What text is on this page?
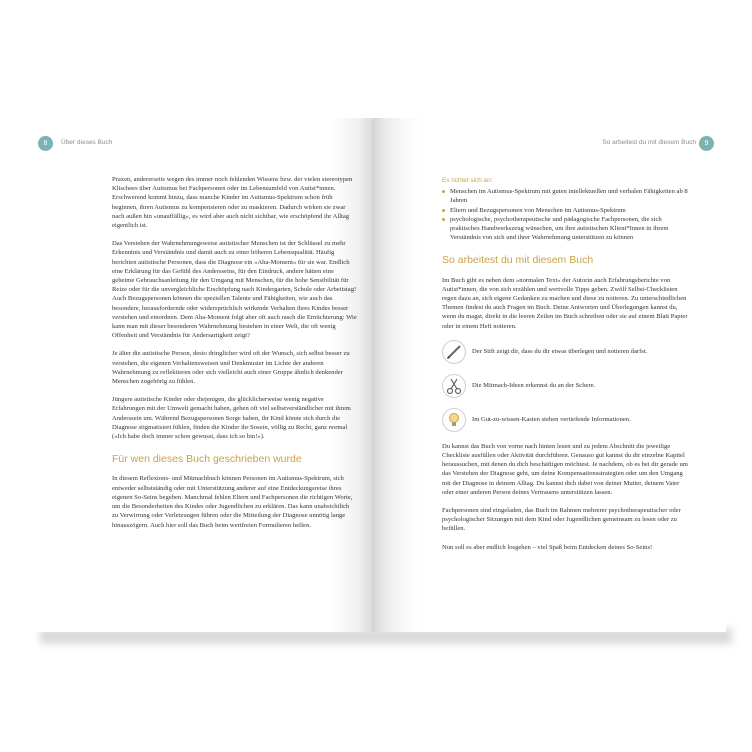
8	Über dieses Buch

Praxen, andererseits wegen des immer noch fehlenden Wissens bzw. der vielen stereotypen Klischees über Autismus bei Fachpersonen oder im Lebensumfeld von Autist*innen. Erschwerend kommt hinzu, dass manche Kinder im Autismus-Spektrum schon früh beginnen, ihren Autismus zu kompensieren oder zu maskieren. Dadurch wirken sie zwar nach außen hin »unauffällig«, es wird aber auch nicht sichtbar, wie erschöpfend ihr Alltag eigentlich ist.

Das Verstehen der Wahrnehmungsweise autistischer Menschen ist der Schlüssel zu mehr Erkenntnis und Verständnis und damit auch zu einer höheren Lebensqualität. Häufig berichten autistische Personen, dass die Diagnose ein »Aha-Moment« für sie war. Endlich eine Erklärung für das Gefühl des Andersseins, für den Eindruck, andere hätten eine geheime Gebrauchsanleitung für den Umgang mit Menschen, für die hohe Sensibilität für Reize oder für die unvergleichliche Erschöpfung nach Kindergarten, Schule oder Arbeitstag! Auch Bezugspersonen können die speziellen Talente und Fähigkeiten, wie auch das besondere, herausfordernde oder widersprüchlich wirkende Verhalten ihres Kindes besser verstehen und einordnen. Dem Aha-Moment folgt aber oft auch rasch die Ernüchterung: Wie kann man mit dieser besonderen Wahrnehmung bestehen in einer Welt, die oft wenig Offenheit und Verständnis für Andersartigkeit zeigt?

Je älter die autistische Person, desto dringlicher wird oft der Wunsch, sich selbst besser zu verstehen, die eigenen Verhaltensweisen und Denkmuster im Lichte der anderen Wahrnehmung zu reflektieren oder sich vielleicht auch einer Gruppe ähnlich denkender Menschen zugehörig zu fühlen.

Jüngere autistische Kinder oder diejenigen, die glücklicherweise wenig negative Erfahrungen mit der Umwelt gemacht haben, gehen oft viel selbstverständlicher mit ihrem Anderssein um. Während Bezugspersonen Sorge haben, ihr Kind könne sich durch die Diagnose stigmatisiert fühlen, finden die Kinder ihr Sosein, völlig zu Recht, ganz normal (»Ich habe doch immer schon gewusst, dass ich so bin!«).

Für wen dieses Buch geschrieben wurde

In diesem Reflexions- und Mitmachbuch können Personen im Autismus-Spektrum, sich entweder selbstständig oder mit Unterstützung anderer auf eine Entdeckungsreise ihres eigenen So-Seins begeben. Manchmal fehlen Eltern und Fachpersonen die richtigen Worte, um die Besonderheiten des Kindes oder Jugendlichen zu erklären. Das kann unabsichtlich zu Verwirrung oder Verletzungen führen oder die Mitteilung der Diagnose unnötig lange hinauszögern. Auch hier soll das Buch beim wertfreien Formulieren helfen.

So arbeitest du mit diesem Buch	9
Es richtet sich an:
Menschen im Autismus-Spektrum mit guten intellektuellen und verbalen Fähigkeiten ab 8 Jahren
Eltern und Bezugspersonen von Menschen im Autismus-Spektrum
psychologische, psychotherapeutische und pädagogische Fachpersonen, die sich praktisches Handwerkszeug wünschen, um ihre autistischen Klient*Innen in ihrem Verständnis von sich und ihrer Wahrnehmung unterstützen zu können
So arbeitest du mit diesem Buch

Im Buch gibt es neben dem »normalen Text« der Autorin auch Erfahrungsberichte von Autist*innen, die von sich erzählen und wertvolle Tipps geben. Zwölf Selbst-Checklisten regen dazu an, sich eigene Gedanken zu machen und diese zu notieren. Zu unterschiedlichen Themen findest du auch Fragen im Buch. Deine Antworten und Überlegungen kannst du, wenn du magst, direkt in die leeren Zeilen im Buch schreiben oder sie auf einem Blatt Papier oder in einem Heft notieren.

Der Stift zeigt dir, dass du dir etwas überlegen und notieren darfst.
Die Mitmach-Ideen erkennst du an der Schere.
Im Gut-zu-wissen-Kasten stehen vertiefende Informationen.

Du kannst das Buch von vorne nach hinten lesen und zu jedem Abschnitt die jeweilige Checkliste ausfüllen oder Aktivität durchführen. Genauso gut kannst du dir einzelne Kapitel heraussuchen, mit denen du dich beschäftigen möchtest. Je nachdem, ob es bei dir gerade um das Verstehen der Diagnose geht, um deine Kompensationsstrategien oder um den Umgang mit der Diagnose in deinem Alltag. Du kannst dich dabei von deiner Mutter, deinem Vater oder einer anderen Person deines Vertrauens unterstützen lassen.

Fachpersonen sind eingeladen, das Buch im Rahmen mehrerer psychotherapeutischer oder psychologischer Sitzungen mit dem Kind oder Jugendlichen gemeinsam zu lesen oder zu befüllen.

Nun soll es aber endlich losgehen – viel Spaß beim Entdecken deines So-Seins!
